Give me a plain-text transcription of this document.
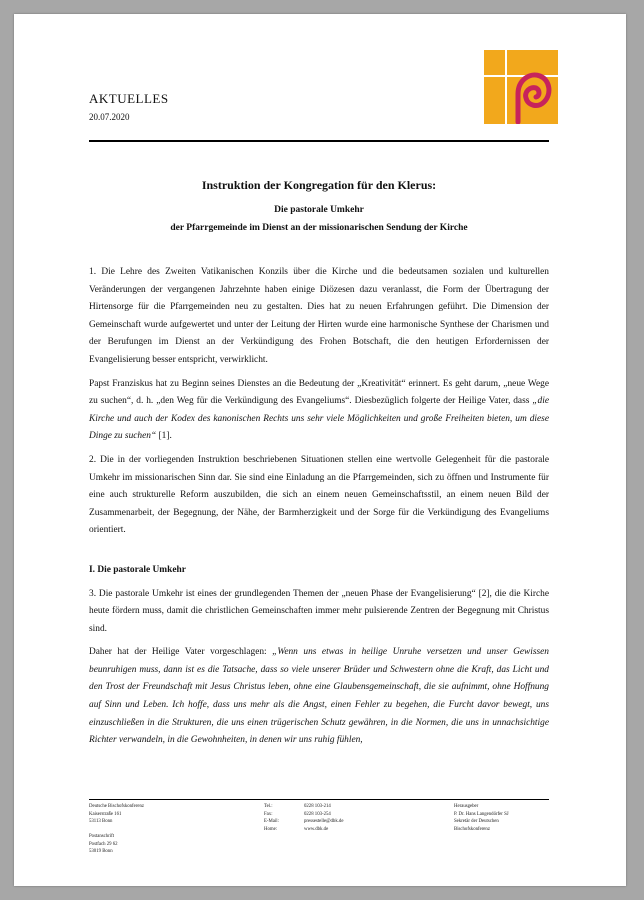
AKTUELLES
20.07.2020
Instruktion der Kongregation für den Klerus:
Die pastorale Umkehr
der Pfarrgemeinde im Dienst an der missionarischen Sendung der Kirche

1. Die Lehre des Zweiten Vatikanischen Konzils über die Kirche und die bedeutsamen sozialen und kulturellen Veränderungen der vergangenen Jahrzehnte haben einige Diözesen dazu veranlasst, die Form der Übertragung der Hirtensorge für die Pfarrgemeinden neu zu gestalten. Dies hat zu neuen Erfahrungen geführt. Die Dimension der Gemeinschaft wurde aufgewertet und unter der Leitung der Hirten wurde eine harmonische Synthese der Charismen und der Berufungen im Dienst an der Verkündigung des Frohen Botschaft, die den heutigen Erfordernissen der Evangelisierung besser entspricht, verwirklicht.

Papst Franziskus hat zu Beginn seines Dienstes an die Bedeutung der „Kreativität“ erinnert. Es geht darum, „neue Wege zu suchen“, d. h. „den Weg für die Verkündigung des Evangeliums“. Diesbezüglich folgerte der Heilige Vater, dass „die Kirche und auch der Kodex des kanonischen Rechts uns sehr viele Möglichkeiten und große Freiheiten bieten, um diese Dinge zu suchen“ [1].

2. Die in der vorliegenden Instruktion beschriebenen Situationen stellen eine wertvolle Gelegenheit für die pastorale Umkehr im missionarischen Sinn dar. Sie sind eine Einladung an die Pfarrgemeinden, sich zu öffnen und Instrumente für eine auch strukturelle Reform auszubilden, die sich an einem neuen Gemeinschaftsstil, an einem neuen Bild der Zusammenarbeit, der Begegnung, der Nähe, der Barmherzigkeit und der Sorge für die Verkündigung des Evangeliums orientiert.

I. Die pastorale Umkehr

3. Die pastorale Umkehr ist eines der grundlegenden Themen der „neuen Phase der Evangelisierung“ [2], die die Kirche heute fördern muss, damit die christlichen Gemeinschaften immer mehr pulsierende Zentren der Begegnung mit Christus sind.

Daher hat der Heilige Vater vorgeschlagen: „Wenn uns etwas in heilige Unruhe versetzen und unser Gewissen beunruhigen muss, dann ist es die Tatsache, dass so viele unserer Brüder und Schwestern ohne die Kraft, das Licht und den Trost der Freundschaft mit Jesus Christus leben, ohne eine Glaubensgemeinschaft, die sie aufnimmt, ohne Hoffnung auf Sinn und Leben. Ich hoffe, dass uns mehr als die Angst, einen Fehler zu begehen, die Furcht davor bewegt, uns einzuschließen in die Strukturen, die uns einen trügerischen Schutz gewähren, in die Normen, die uns in unnachsichtige Richter verwandeln, in die Gewohnheiten, in denen wir uns ruhig fühlen,

Deutsche Bischofskonferenz
Kaiserstraße 161
53113 Bonn

Postanschrift
Postfach 29 62
53019 Bonn
Tel.:
Fax:
E-Mail:
Home:
0228 103-214
0228 103-254
pressestelle@dbk.de
www.dbk.de
Herausgeber
P. Dr. Hans Langendörfer SJ
Sekretär der Deutschen
Bischofskonferenz
